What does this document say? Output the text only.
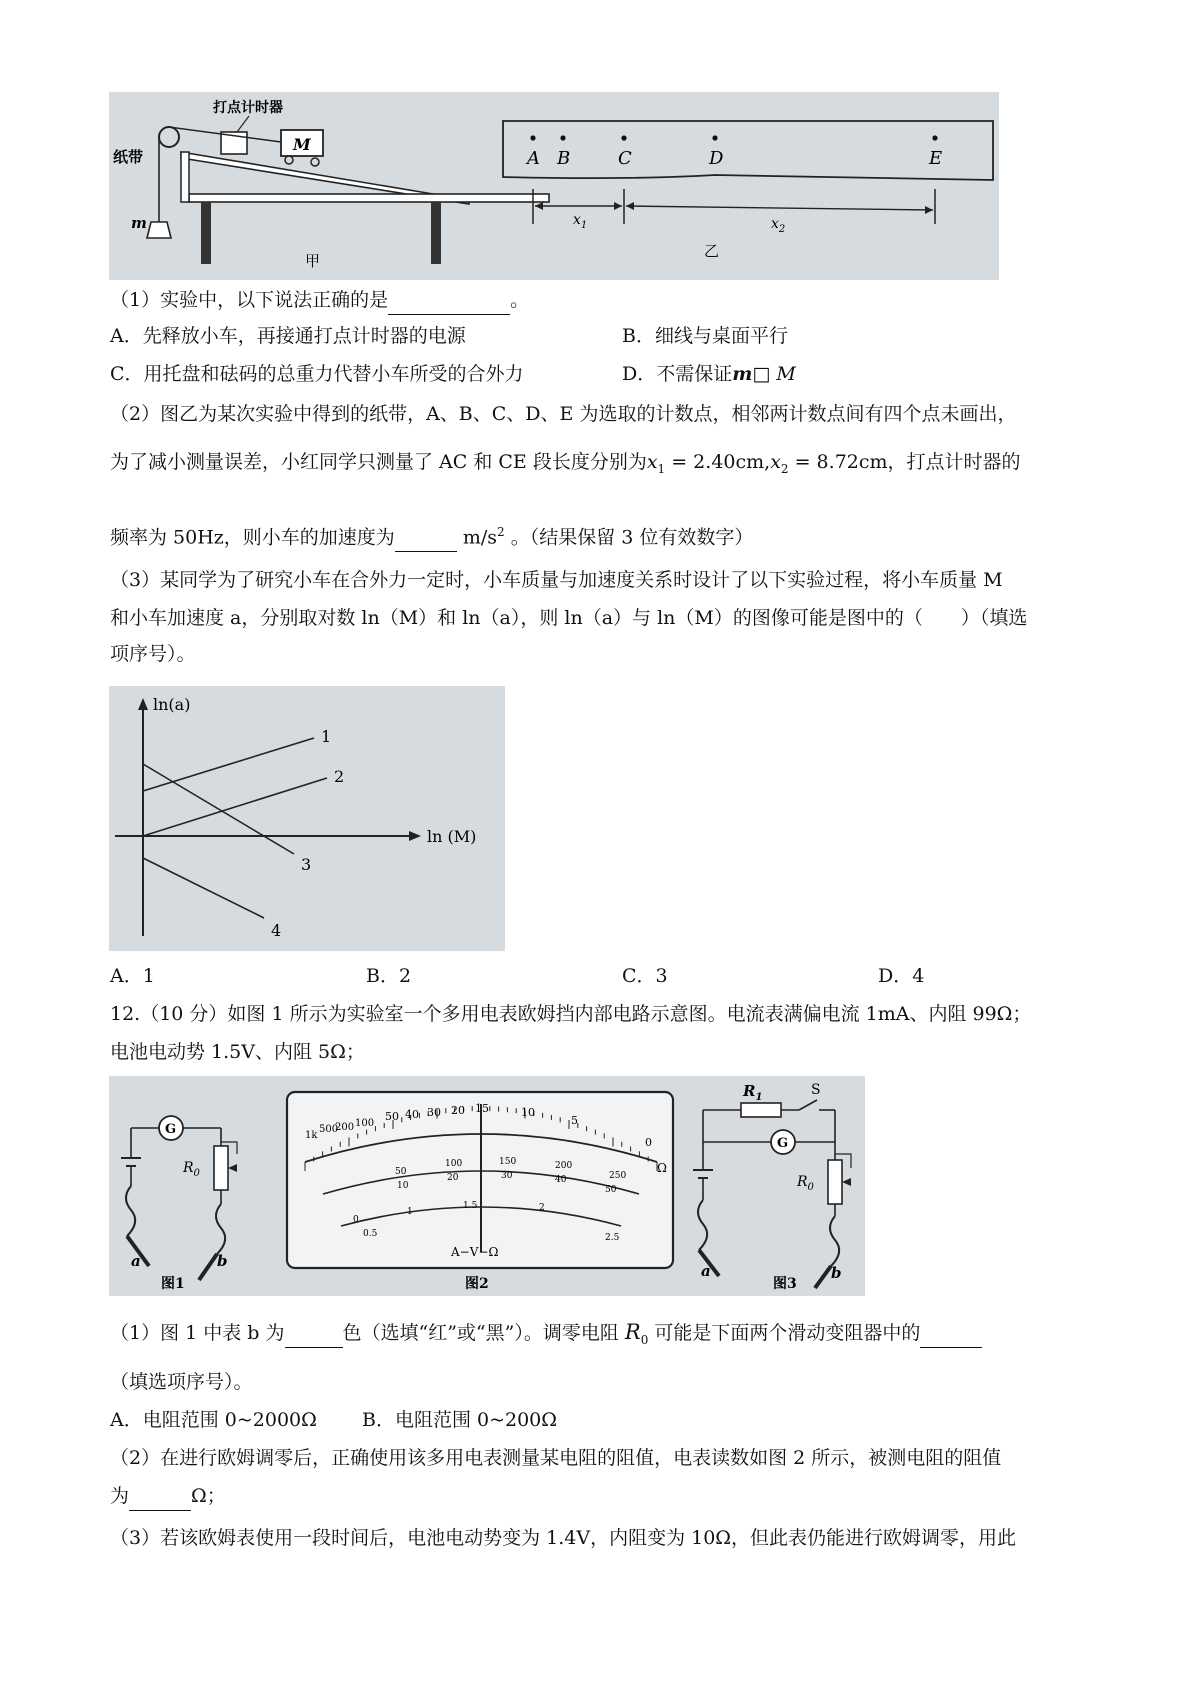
打点计时器
纸带
M
m
甲
A B	C	D	E
$x_1$	$x_2$
乙
（1）实验中，以下说法正确的是	。
A．先释放小车，再接通打点计时器的电源	B．细线与桌面平行
C．用托盘和砝码的总重力代替小车所受的合外力	D．不需保证m□ M
（2）图乙为某次实验中得到的纸带，A、B、C、D、E 为选取的计数点，相邻两计数点间有四个点未画出，
为了减小测量误差，小红同学只测量了 AC 和 CE 段长度分别为$x_1 = 2.40cm,x_2 = 8.72cm$，打点计时器的
频率为 50Hz，则小车的加速度为	$m/s^2$ 。（结果保留 3 位有效数字）
（3）某同学为了研究小车在合外力一定时，小车质量与加速度关系时设计了以下实验过程，将小车质量 M
和小车加速度 a，分别取对数 ln（M）和 ln（a），则 ln（a）与 ln（M）的图像可能是图中的（　　）（填选
项序号）。
ln(a)
ln (M)
1
2
3
4
A．1	B．2	C．3	D．4
12.（10 分）如图 1 所示为实验室一个多用电表欧姆挡内部电路示意图。电流表满偏电流 1mA、内阻 99Ω；
电池电动势 1.5V、内阻 5Ω；
G
$R_0$
a	b
图1
1k
500
200 100
50 40 30 20 15	10
5
0
Ω
50
100	150	200
250
10
20	30	40
50
0
0.5
1
1.5	2
2.5
A−V−Ω
图2
G
$R_1$	S
$R_0$
a	b
图3
（1）图 1 中表 b 为	色（选填“红”或“黑”）。调零电阻 $R_0$ 可能是下面两个滑动变阻器中的
（填选项序号）。
A．电阻范围 0~2000Ω B．电阻范围 0~200Ω
（2）在进行欧姆调零后，正确使用该多用电表测量某电阻的阻值，电表读数如图 2 所示，被测电阻的阻值
为	Ω；
（3）若该欧姆表使用一段时间后，电池电动势变为 1.4V，内阻变为 10Ω，但此表仍能进行欧姆调零，用此
